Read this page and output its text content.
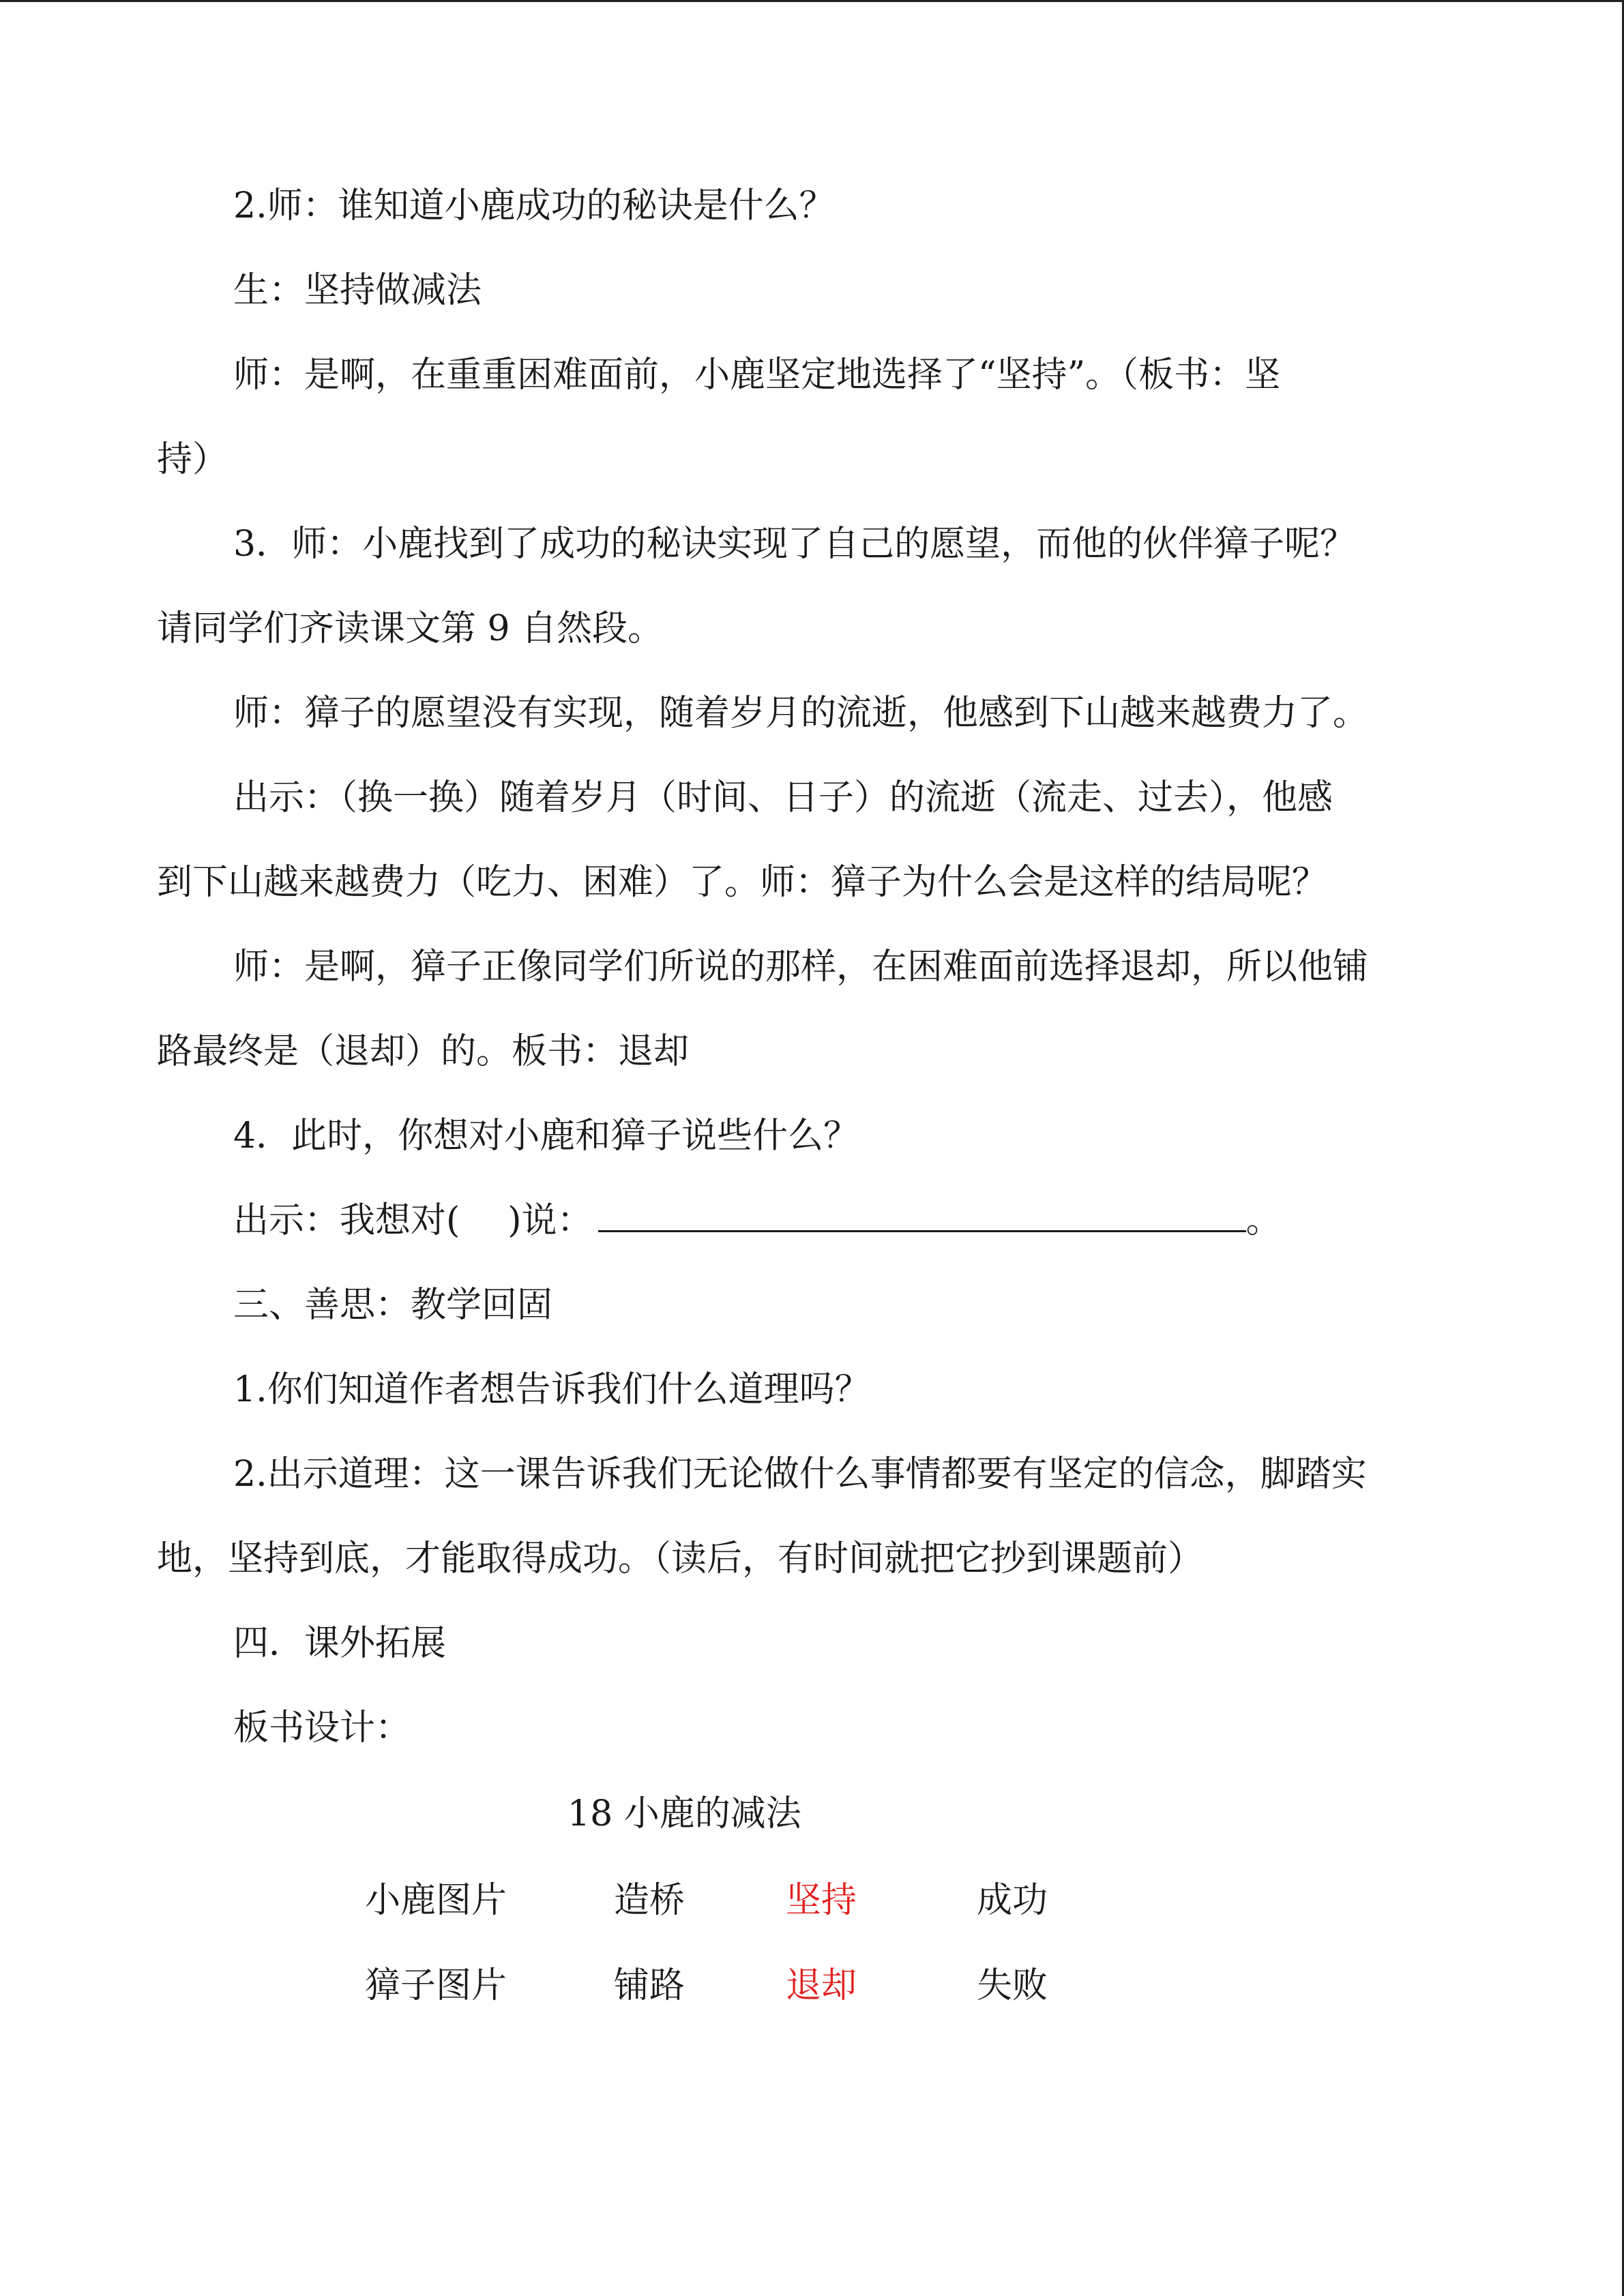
2.师：谁知道小鹿成功的秘诀是什么？

生：坚持做减法

师：是啊，在重重困难面前，小鹿坚定地选择了“坚持”。（板书：坚

持）

3．师：小鹿找到了成功的秘诀实现了自己的愿望，而他的伙伴獐子呢？

请同学们齐读课文第 9 自然段。

师：獐子的愿望没有实现，随着岁月的流逝，他感到下山越来越费力了。

出示：（换一换）随着岁月（时间、日子）的流逝（流走、过去），他感

到下山越来越费力（吃力、困难）了。师：獐子为什么会是这样的结局呢？

师：是啊，獐子正像同学们所说的那样，在困难面前选择退却，所以他铺

路最终是（退却）的。板书：退却

4．此时，你想对小鹿和獐子说些什么？

出示：我想对( )说：	。

三、善思：教学回固

1.你们知道作者想告诉我们什么道理吗？

2.出示道理：这一课告诉我们无论做什么事情都要有坚定的信念，脚踏实

地，坚持到底，才能取得成功。（读后，有时间就把它抄到课题前）

四．课外拓展

板书设计：

18 小鹿的减法
小鹿图片	造桥	坚持	成功
獐子图片	铺路	退却	失败
